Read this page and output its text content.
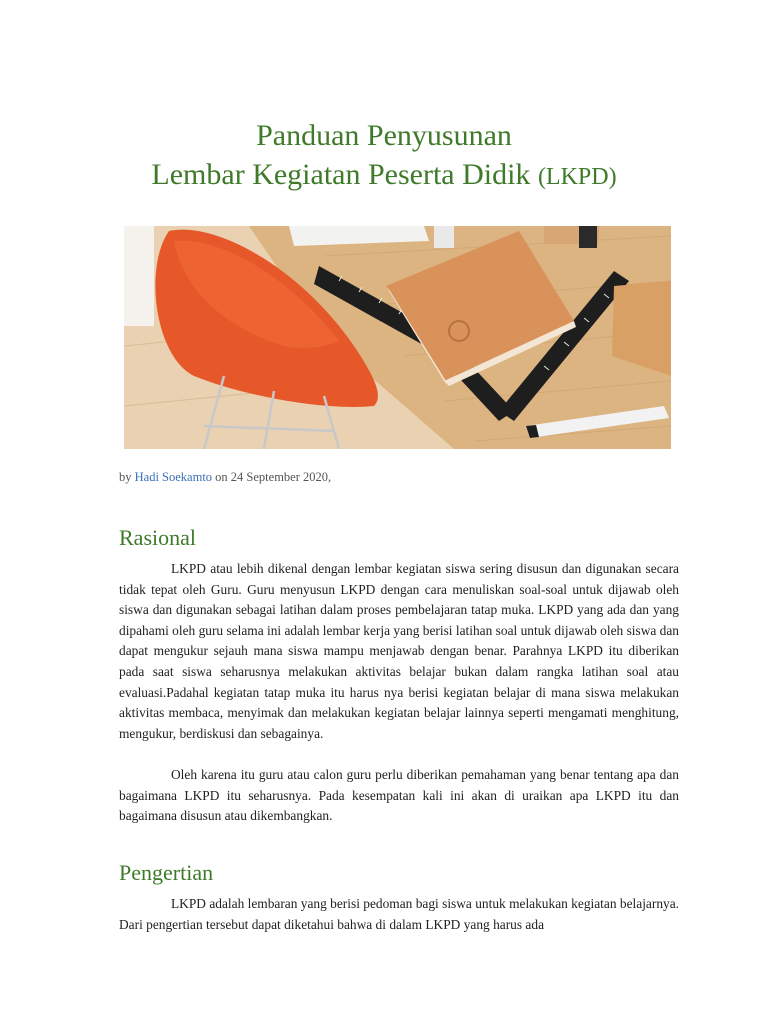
Panduan Penyusunan
Lembar Kegiatan Peserta Didik (LKPD)
by Hadi Soekamto on 24 September 2020,
Rasional

LKPD atau lebih dikenal dengan lembar kegiatan siswa sering disusun dan digunakan secara tidak tepat oleh Guru. Guru menyusun LKPD dengan cara menuliskan soal-soal untuk dijawab oleh siswa dan digunakan sebagai latihan dalam proses pembelajaran tatap muka. LKPD yang ada dan yang dipahami oleh guru selama ini adalah lembar kerja yang berisi latihan soal untuk dijawab oleh siswa dan dapat mengukur sejauh mana siswa mampu menjawab dengan benar. Parahnya LKPD itu diberikan pada saat siswa seharusnya melakukan aktivitas belajar bukan dalam rangka latihan soal atau evaluasi.Padahal kegiatan tatap muka itu harus nya berisi kegiatan belajar di mana siswa melakukan aktivitas membaca, menyimak dan melakukan kegiatan belajar lainnya seperti mengamati menghitung, mengukur, berdiskusi dan sebagainya.

Oleh karena itu guru atau calon guru perlu diberikan pemahaman yang benar tentang apa dan bagaimana LKPD itu seharusnya. Pada kesempatan kali ini akan di uraikan apa LKPD itu dan bagaimana disusun atau dikembangkan.

Pengertian

LKPD adalah lembaran yang berisi pedoman bagi siswa untuk melakukan kegiatan belajarnya. Dari pengertian tersebut dapat diketahui bahwa di dalam LKPD yang harus ada
